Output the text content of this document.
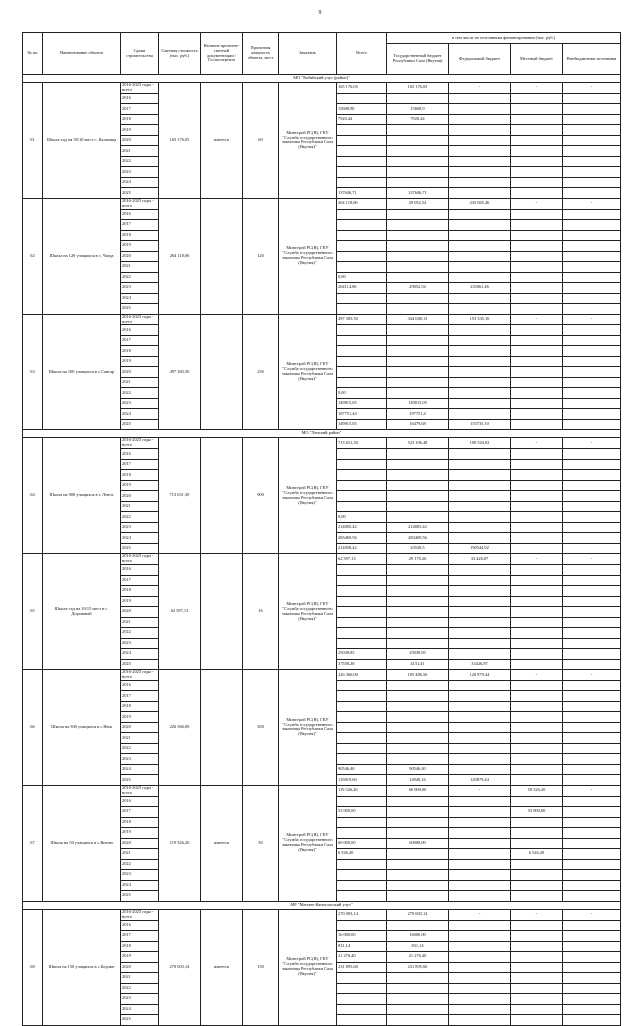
9
№ пп	Наименование объекта	Сроки строительства	Сметная стоимость (тыс. руб.)	Наличие проектно-сметной документации /Госэкспертиза	Проектная мощность объекта, мест	Заказчик	Всего	в том числе по источникам финансирования (тыс. руб.)			
								Государственный бюджет Республики Саха (Якутия)	Федеральный бюджет	Местный бюджет	Внебюджетные источники
МО "Кобяйский улус (район)"											
61	Школа-сад на 50/10 мест с. Кальвица	2016-2025 годы - всего	165 176,05	имеется	60	Минстрой РС(Я), ГКУ "Служба государственного заказчика Республики Саха (Якутия)"	165 176,05	165 176,05	-	-	-
		2016									
		2017					15608,90	15608,9			
		2018					7920,44	7920,44			
		2019									
		2020									
		2021									
		2022									
		2023									
		2024									
		2025					137646,71	137646,71			
62	Школа на 120 учащихся в с. Чагда	2016-2025 годы - всего	264 118,06		120	Минстрой РС(Я), ГКУ "Служба государственного заказчика Республики Саха (Якутия)"	264 118,06	29 052,54	235 065,46	-	-
		2016									
		2017									
		2018									
		2019									
		2020									
		2021									
		2022					0,00				
		2023					264114,06	29052,54	235061,46		
		2024									
		2025									
63	Школа на 100 учащихся в с.Сангар	2016-2025 годы - всего	497 383,50		230	Минстрой РС(Я), ГКУ "Служба государственного заказчика Республики Саха (Якутия)"	497 383,50	344 048,13	153 335,10	-	-
		2016									
		2017									
		2018									
		2019									
		2020									
		2021									
		2022					0,00				
		2023					149815,05	149815,05			
		2024					197751,44	197751,4			
		2025					149815,05	16479,68	153735,10		
МО "Ленский район"											
64	Школа на 900 учащихся в г. Ленск	2016-2025 годы - всего	713 651,30		900	Минстрой РС(Я), ГКУ "Служба государственного заказчика Республики Саха (Якутия)"	713 651,30	523 106,48	190 544,92	-	-
		2016									
		2017									
		2018									
		2019									
		2020									
		2021									
		2022					0,00				
		2023					214005,42	214005,42			
		2024					283469,56	283469,56			
		2025					214058,42	23530,5	190544,92		
65	Школа-сад на 10/15 мест в с. Дорожный	2016-2025 годы - всего	62 597,13		16	Минстрой РС(Я), ГКУ "Служба государственного заказчика Республики Саха (Якутия)"	62 597,13	29 170,26	33 426,87	-	-
		2016									
		2017									
		2018									
		2019									
		2020									
		2021									
		2022									
		2023									
		2024					25038,85	25038,85			
		2025					37558,28	4131,41	33426,87		
66	Школа на 300 учащихся в с.Нюя	2016-2025 годы - всего	226 366,00		300	Минстрой РС(Я), ГКУ "Служба государственного заказчика Республики Саха (Якутия)"	226 366,00	105 486,56	120 879,44	-	-
		2016									
		2017									
		2018									
		2019									
		2020									
		2021									
		2022									
		2023									
		2024					90546,40	90546,40			
		2025					135819,60	14940,16	120879,44		
67	Школа на 50 учащихся в с.Витим	2016-2025 годы - всего	119 526,20	имеется	50	Минстрой РС(Я), ГКУ "Служба государственного заказчика Республики Саха (Якутия)"	119 526,20	60 000,00	-	59 526,20	-
		2016									
		2017					53 000,00			53 000,00	
		2018									
		2019									
		2020					60 000,00	60000,00			
		2021					6 526,20			6 526,20	
		2022									
		2023									
		2024									
		2025									
МР "Мегино-Кангаласский улус"											
68	Школа на 150 учащихся в с.Бедиме	2016-2025 годы - всего	270 003,14	имеется	150	Минстрой РС(Я), ГКУ "Служба государственного заказчика Республики Саха (Якутия)"	270 003,14	270 003,14	-	-	-
		2016									
		2017					16 000,00	16000,00			
		2018					831,14	831,14			
		2019					21 276,40	21 276,40			
		2020					231 895,60	231 895,60			
		2021									
		2022									
		2023									
		2024									
		2025									
